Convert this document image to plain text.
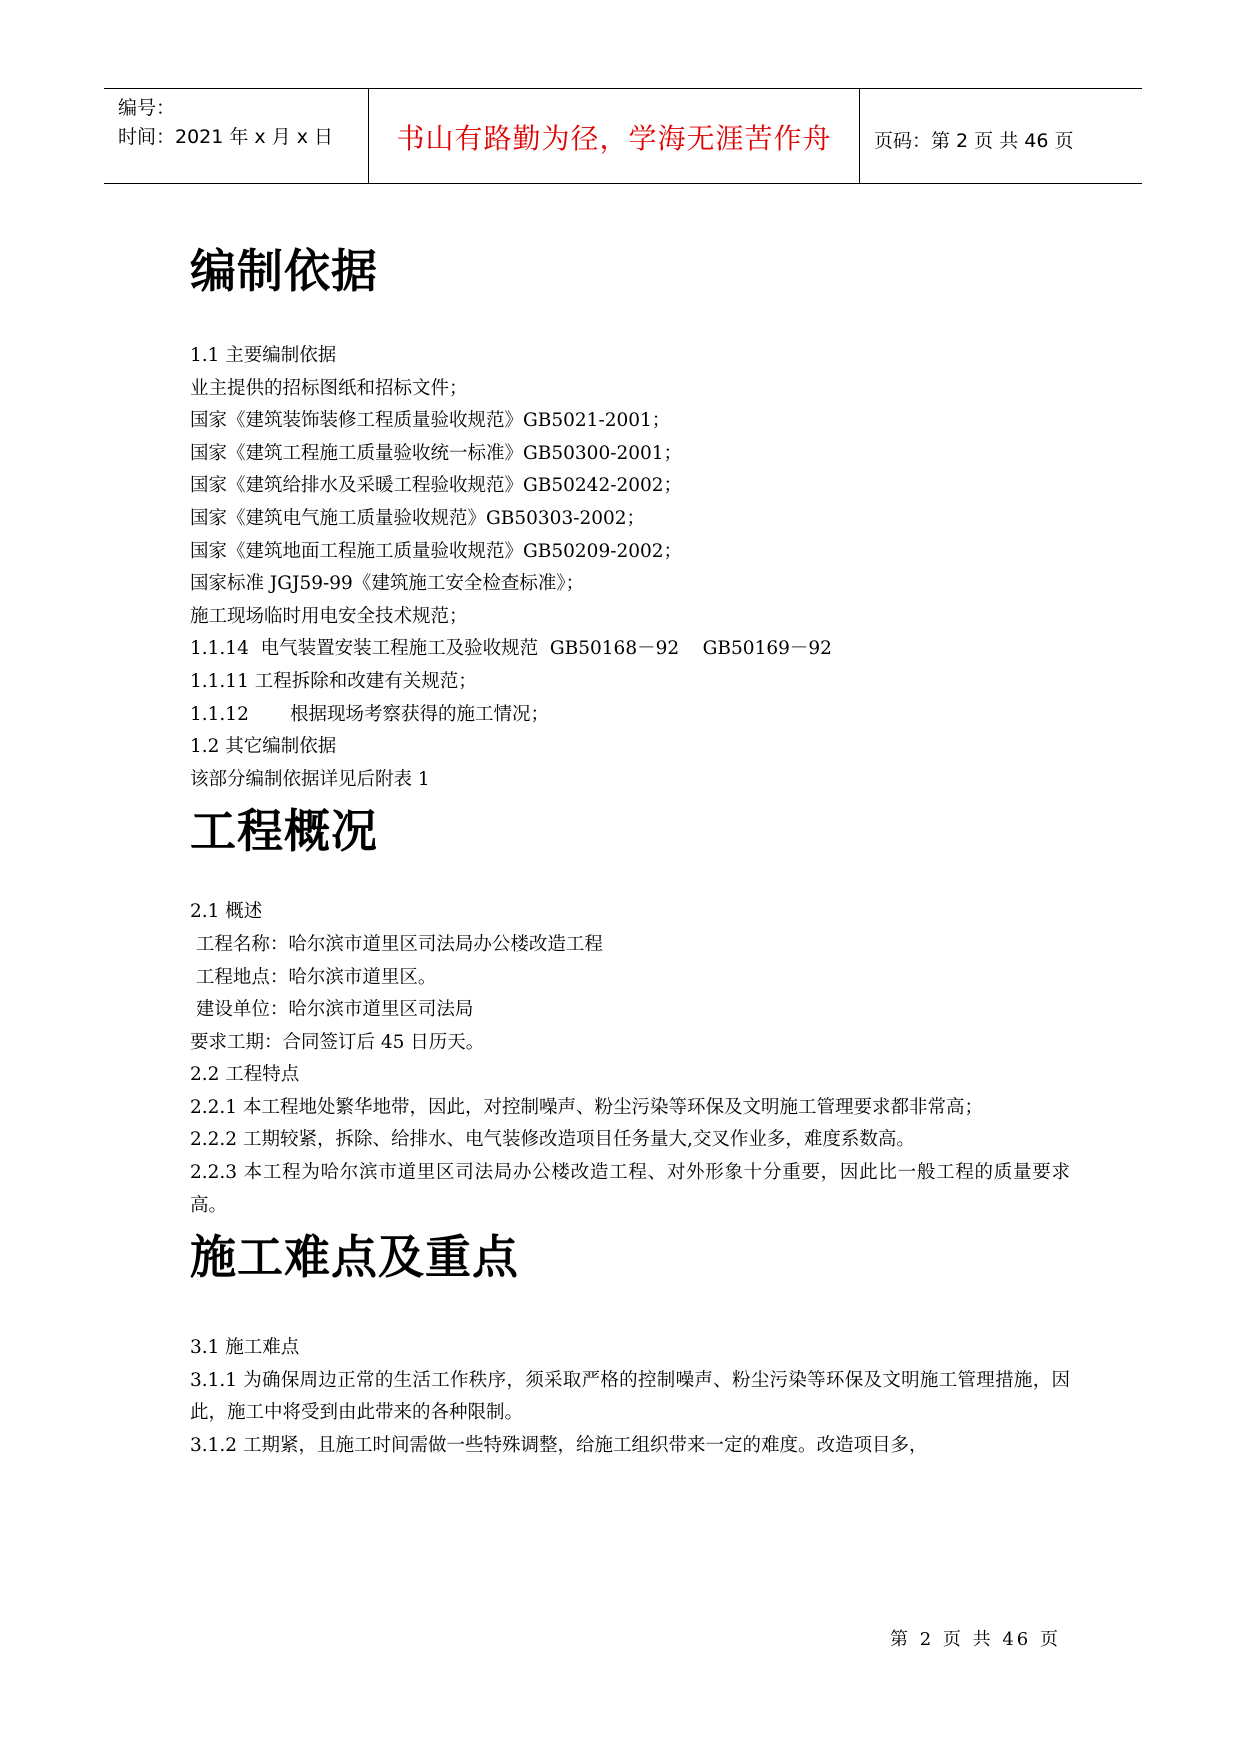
编号：
时间：2021 年 x 月 x 日	书山有路勤为径，学海无涯苦作舟	页码：第 2 页 共 46 页
编制依据
1.1 主要编制依据
业主提供的招标图纸和招标文件；
国家《建筑装饰装修工程质量验收规范》GB5021-2001；
国家《建筑工程施工质量验收统一标准》GB50300-2001；
国家《建筑给排水及采暖工程验收规范》GB50242-2002；
国家《建筑电气施工质量验收规范》GB50303-2002；
国家《建筑地面工程施工质量验收规范》GB50209-2002；
国家标准 JGJ59-99《建筑施工安全检查标准》；
施工现场临时用电安全技术规范；
1.1.14  电气装置安装工程施工及验收规范  GB50168－92    GB50169－92
1.1.11 工程拆除和改建有关规范；
1.1.12       根据现场考察获得的施工情况；
1.2 其它编制依据
该部分编制依据详见后附表 1
工程概况
2.1 概述
工程名称：哈尔滨市道里区司法局办公楼改造工程
工程地点：哈尔滨市道里区。
建设单位：哈尔滨市道里区司法局
要求工期：合同签订后 45 日历天。
2.2 工程特点
2.2.1 本工程地处繁华地带，因此，对控制噪声、粉尘污染等环保及文明施工管理要求都非常高；
2.2.2 工期较紧，拆除、给排水、电气装修改造项目任务量大,交叉作业多，难度系数高。
2.2.3 本工程为哈尔滨市道里区司法局办公楼改造工程、对外形象十分重要，因此比一般工程的质量要求高。
施工难点及重点
3.1 施工难点
3.1.1 为确保周边正常的生活工作秩序，须采取严格的控制噪声、粉尘污染等环保及文明施工管理措施，因此，施工中将受到由此带来的各种限制。
3.1.2 工期紧，且施工时间需做一些特殊调整，给施工组织带来一定的难度。改造项目多，
第 2 页 共 46 页
